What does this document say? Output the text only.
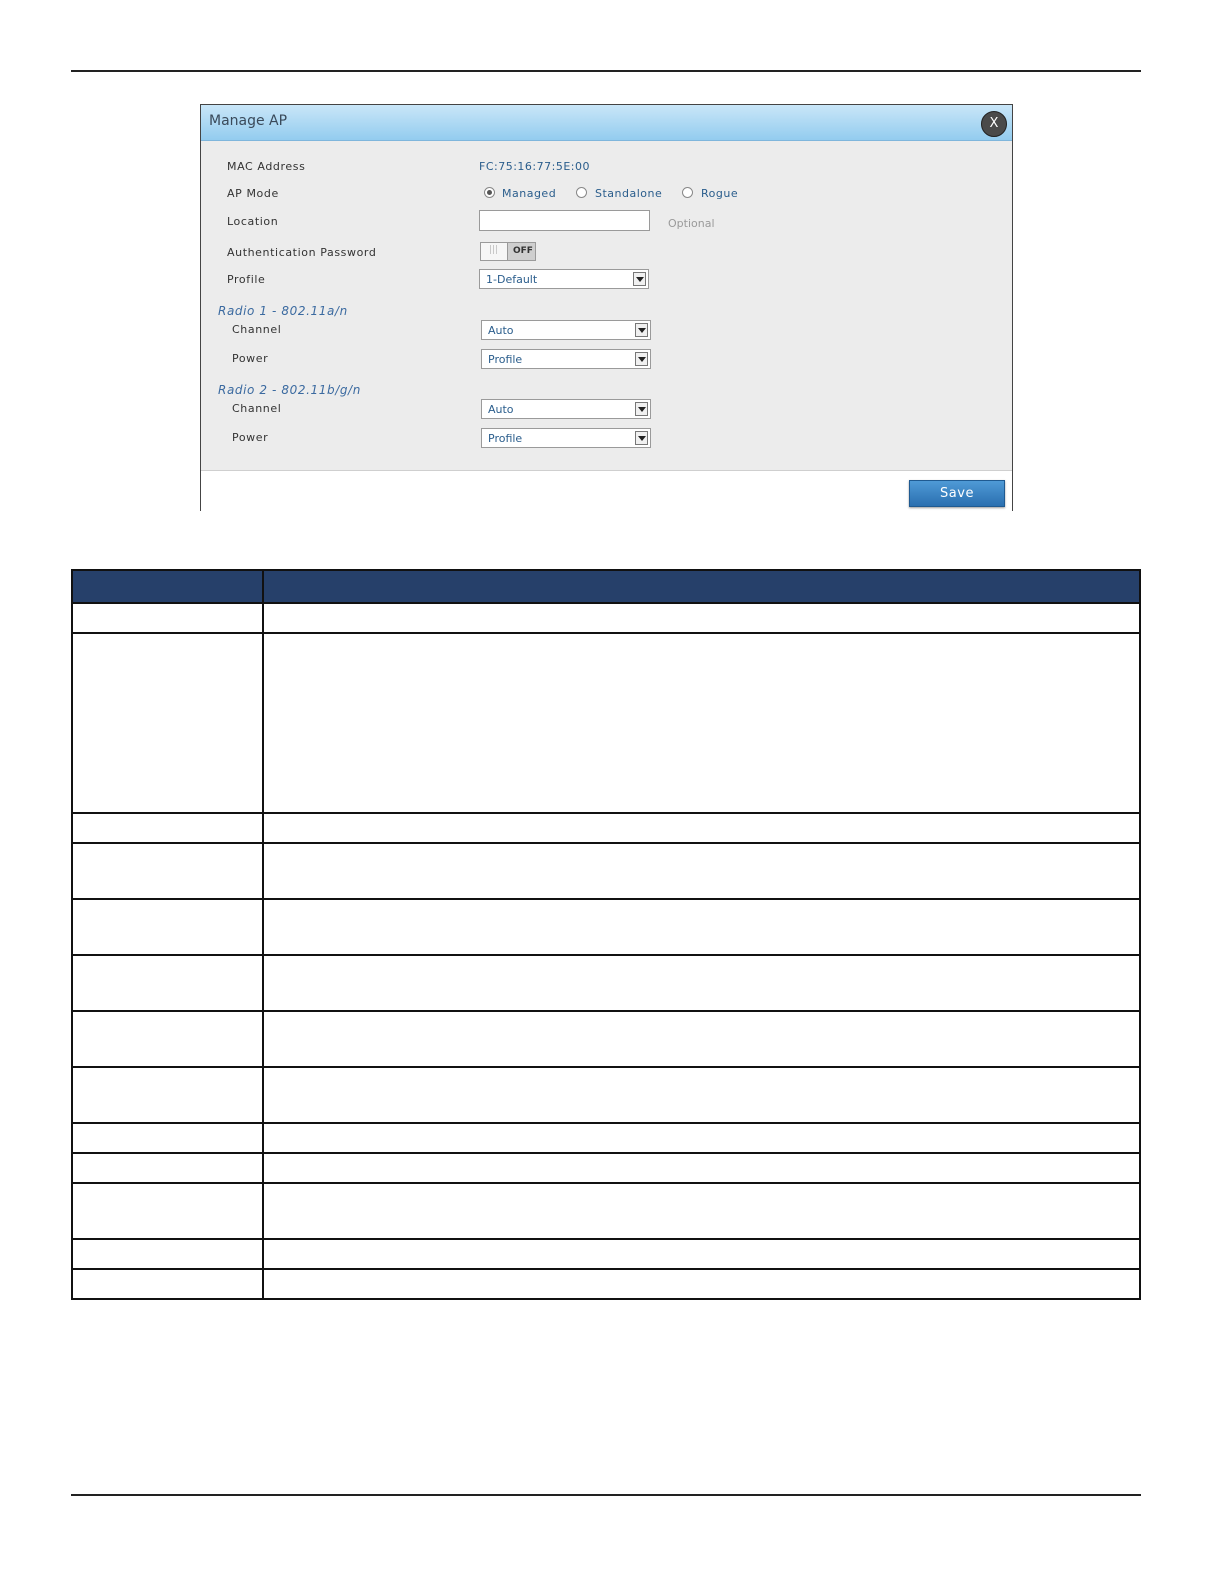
Manage AP	X
MAC Address	FC:75:16:77:5E:00
AP Mode	Managed	Standalone	Rogue
Location	Optional
Authentication Password
|||	OFF
Profile	1-Default
Radio 1 - 802.11a/n
Channel	Auto
Power	Profile
Radio 2 - 802.11b/g/n
Channel	Auto
Power	Profile
Save
